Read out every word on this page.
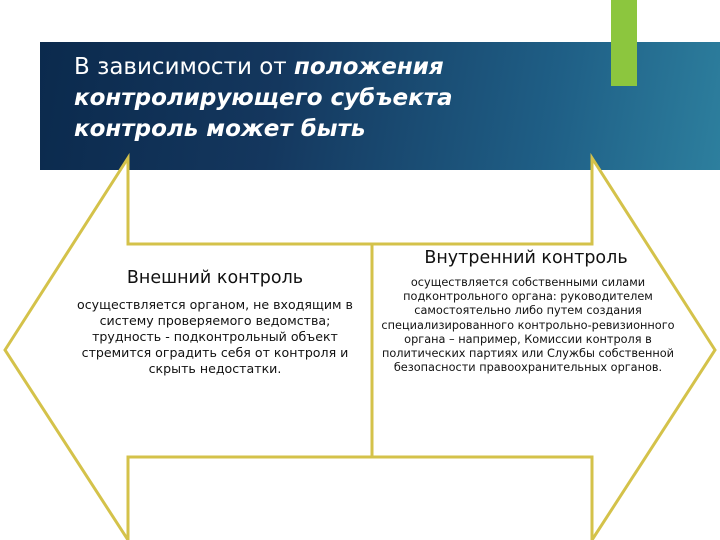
В зависимости от положения контролирующего субъекта контроль может быть
Внешний контроль
осуществляется органом, не входящим в систему проверяемого ведомства; трудность - подконтрольный объект стремится оградить себя от контроля и скрыть недостатки.
Внутренний контроль
осуществляется собственными силами подконтрольного органа: руководителем самостоятельно либо путем создания специализированного контрольно-ревизионного органа – например, Комиссии контроля в политических партиях или Службы собственной безопасности правоохранительных органов.
